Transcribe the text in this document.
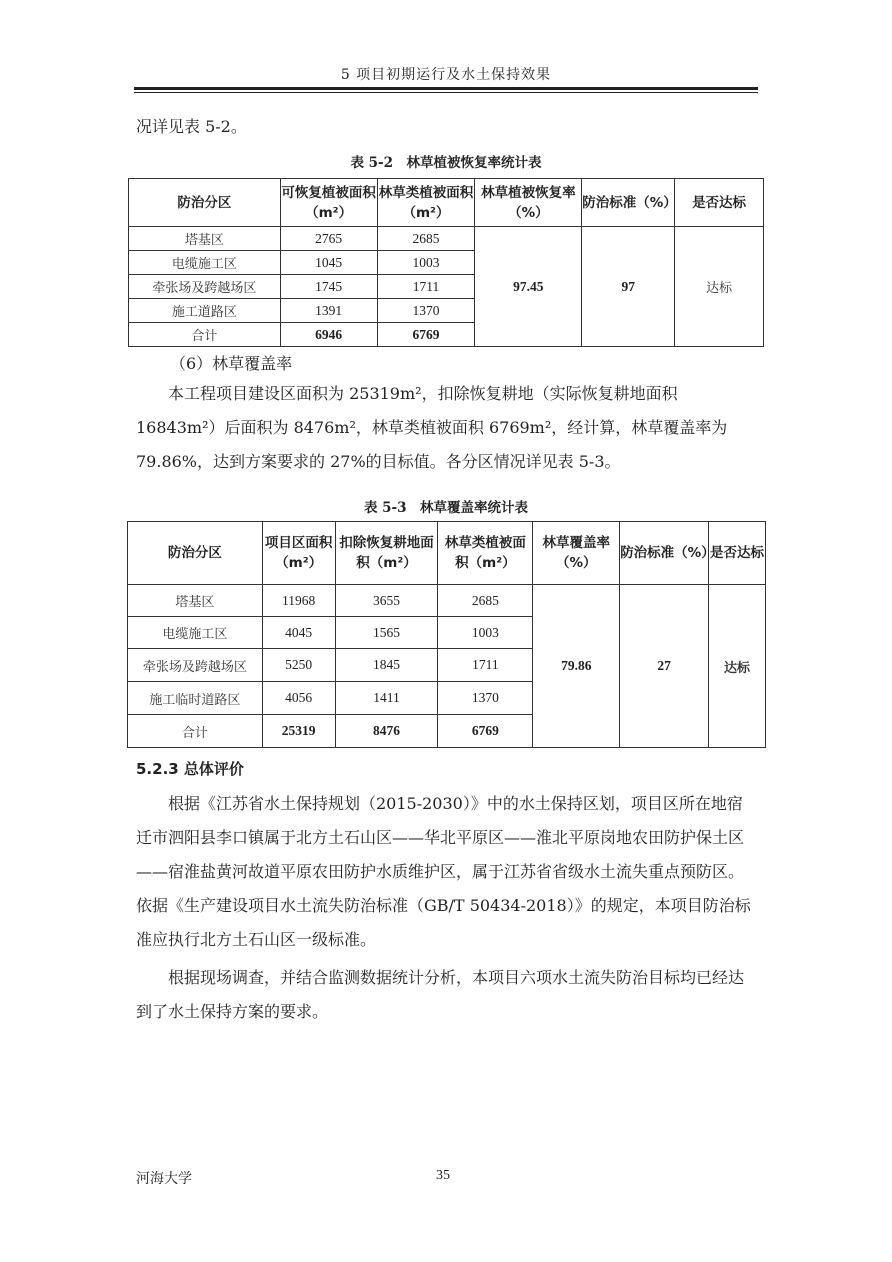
5 项目初期运行及水土保持效果

况详见表 5-2。

表 5-2　林草植被恢复率统计表
防治分区	可恢复植被面积（m²）	林草类植被面积（m²）	林草植被恢复率（%）	防治标准（%）	是否达标
塔基区	2765	2685	97.45	97	达标
电缆施工区	1045	1003			
牵张场及跨越场区	1745	1711			
施工道路区	1391	1370			
合计	6946	6769			

（6）林草覆盖率

本工程项目建设区面积为 25319m²，扣除恢复耕地（实际恢复耕地面积 16843m²）后面积为 8476m²，林草类植被面积 6769m²，经计算，林草覆盖率为 79.86%，达到方案要求的 27%的目标值。各分区情况详见表 5-3。

表 5-3　林草覆盖率统计表
防治分区	项目区面积（m²）	扣除恢复耕地面积（m²）	林草类植被面积（m²）	林草覆盖率（%）	防治标准（%）	是否达标
塔基区	11968	3655	2685	79.86	27	达标
电缆施工区	4045	1565	1003			
牵张场及跨越场区	5250	1845	1711			
施工临时道路区	4056	1411	1370			
合计	25319	8476	6769			
5.2.3 总体评价

根据《江苏省水土保持规划（2015-2030）》中的水土保持区划，项目区所在地宿迁市泗阳县李口镇属于北方土石山区——华北平原区——淮北平原岗地农田防护保土区——宿淮盐黄河故道平原农田防护水质维护区，属于江苏省省级水土流失重点预防区。依据《生产建设项目水土流失防治标准（GB/T 50434-2018）》的规定，本项目防治标准应执行北方土石山区一级标准。

根据现场调查，并结合监测数据统计分析，本项目六项水土流失防治目标均已经达到了水土保持方案的要求。

河海大学	35
